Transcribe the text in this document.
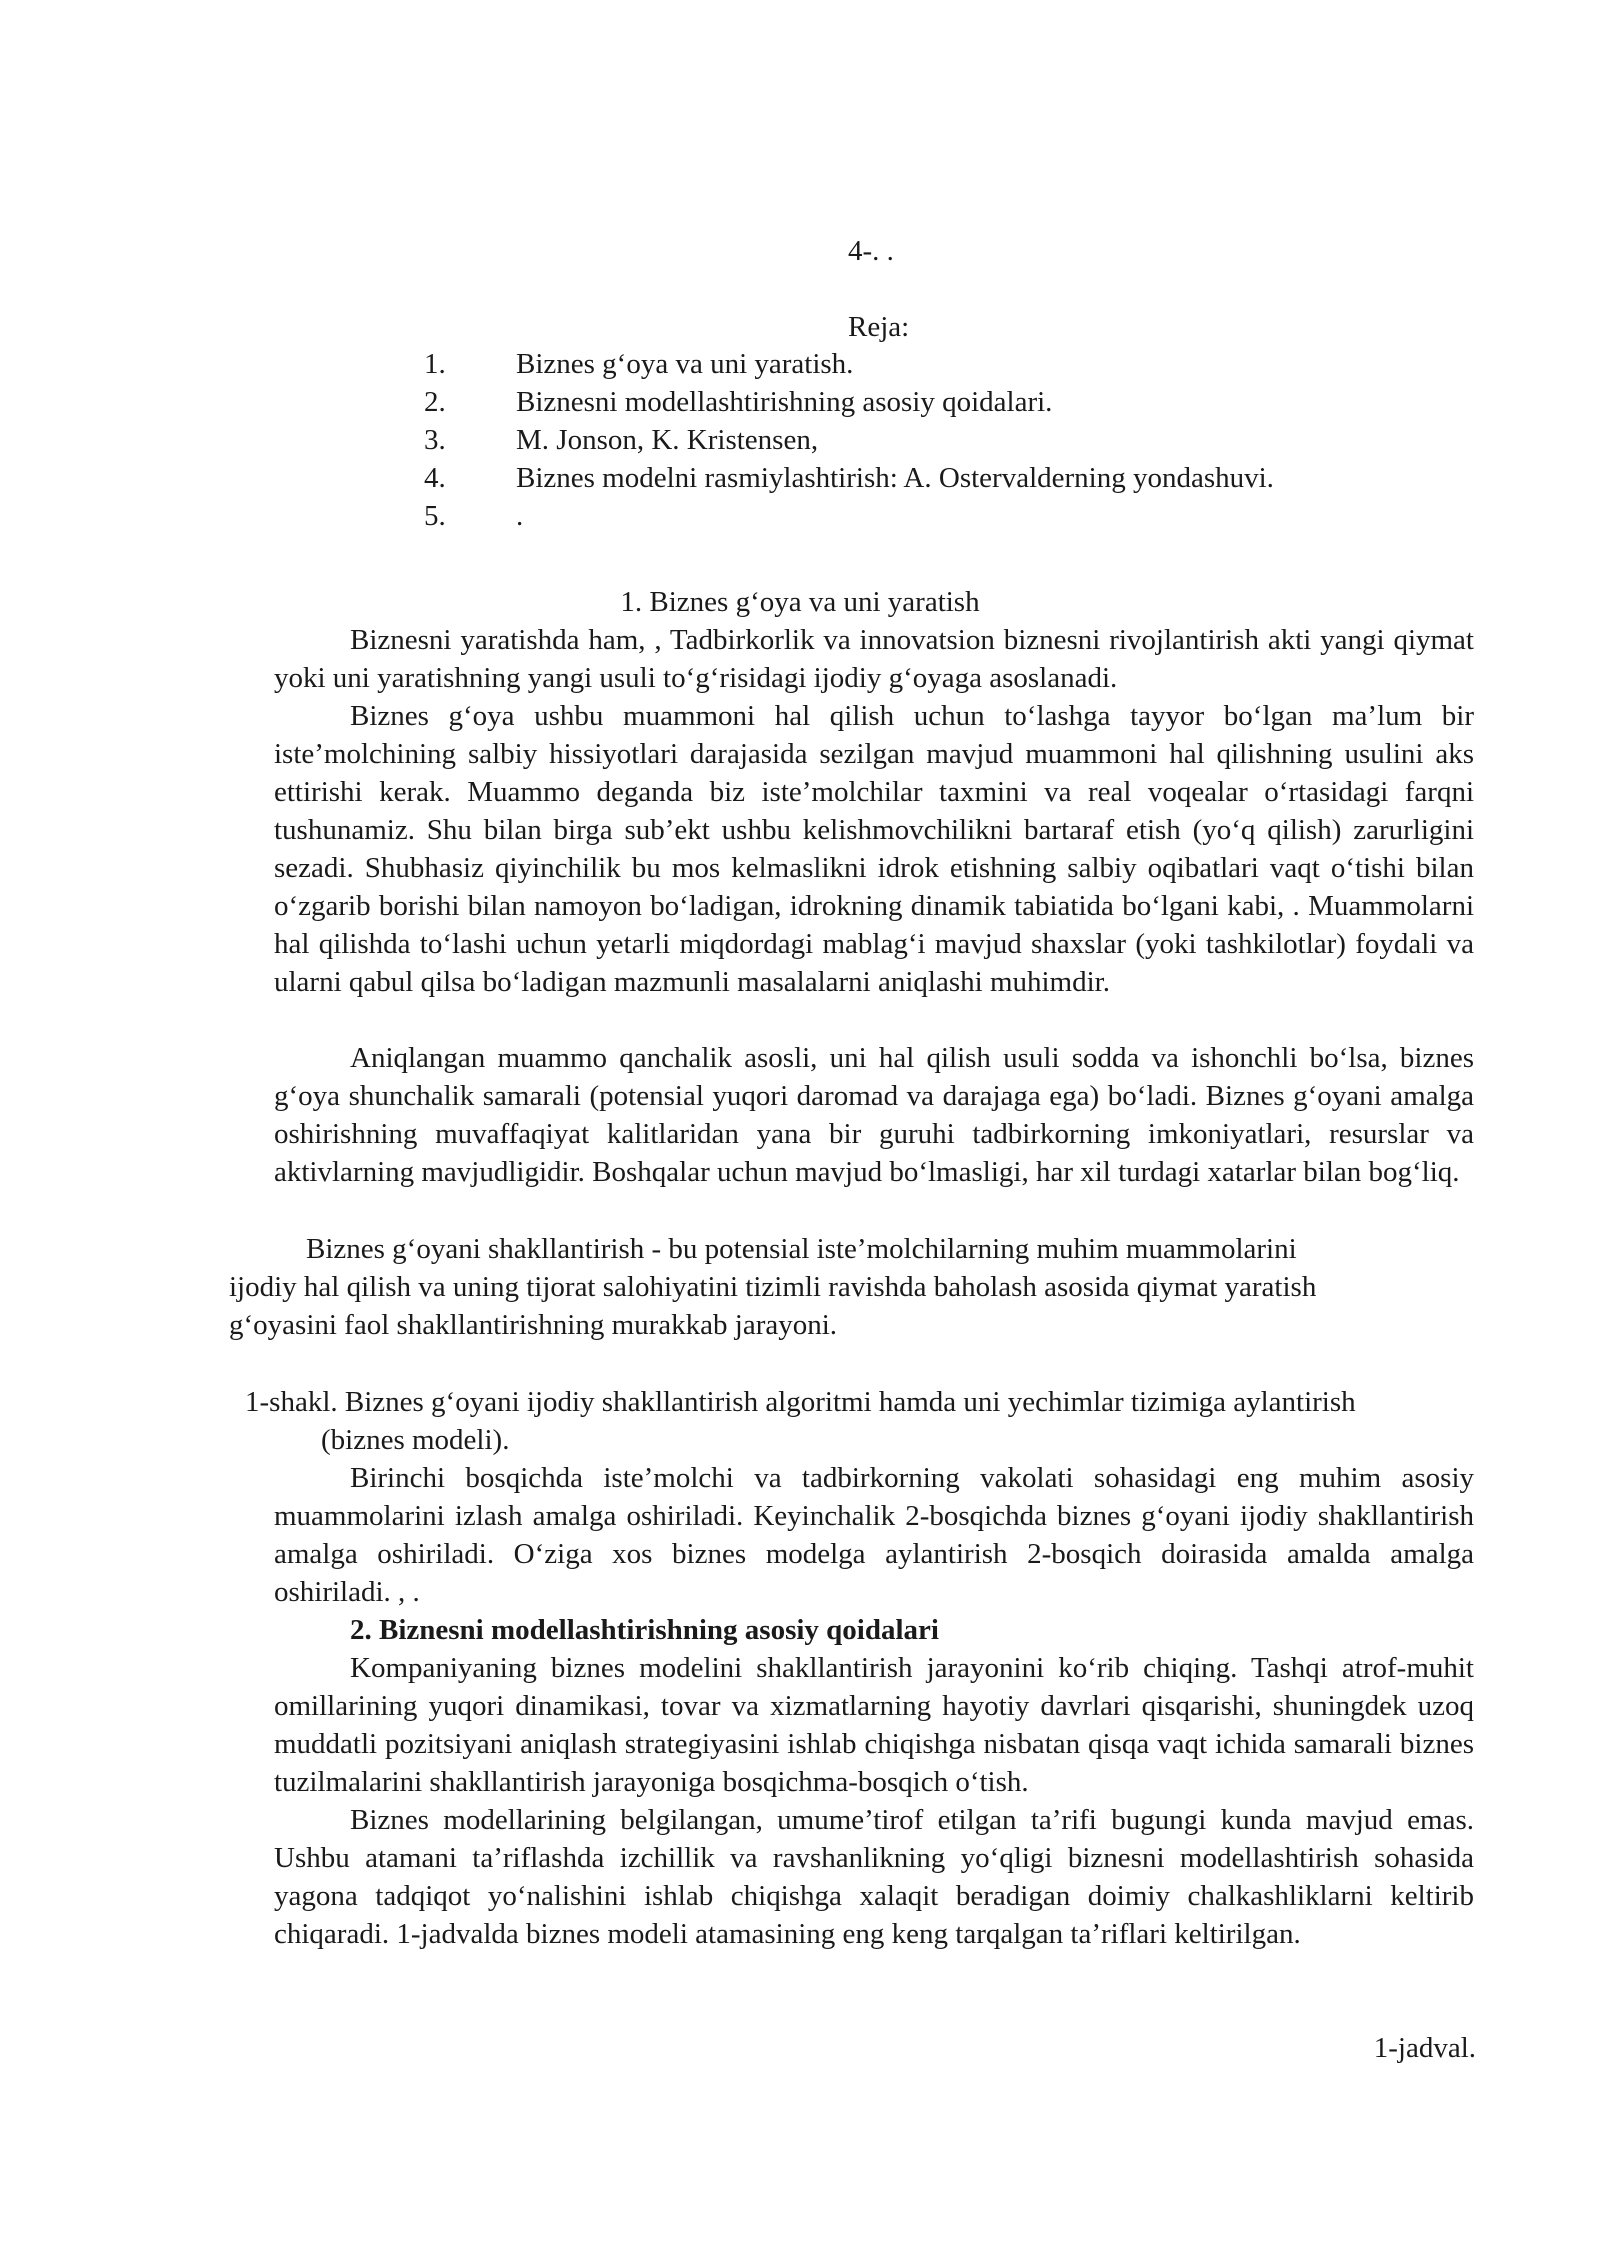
4-. .
Reja:
1. Biznes g‘oya va uni yaratish.
2. Biznesni modellashtirishning asosiy qoidalari.
3. M. Jonson, K. Kristensen,
4. Biznes modelni rasmiylashtirish: A. Ostervalderning yondashuvi.
5. .
1. Biznes g‘oya va uni yaratish

Biznesni yaratishda ham, , Tadbirkorlik va innovatsion biznesni rivojlantirish akti yangi qiymat yoki uni yaratishning yangi usuli to‘g‘risidagi ijodiy g‘oyaga asoslanadi.

Biznes g‘oya ushbu muammoni hal qilish uchun to‘lashga tayyor bo‘lgan ma’lum bir iste’molchining salbiy hissiyotlari darajasida sezilgan mavjud muammoni hal qilishning usulini aks ettirishi kerak. Muammo deganda biz iste’molchilar taxmini va real voqealar o‘rtasidagi farqni tushunamiz. Shu bilan birga sub’ekt ushbu kelishmovchilikni bartaraf etish (yo‘q qilish) zarurligini sezadi. Shubhasiz qiyinchilik bu mos kelmaslikni idrok etishning salbiy oqibatlari vaqt o‘tishi bilan o‘zgarib borishi bilan namoyon bo‘ladigan, idrokning dinamik tabiatida bo‘lgani kabi, . Muammolarni hal qilishda to‘lashi uchun yetarli miqdordagi mablag‘i mavjud shaxslar (yoki tashkilotlar) foydali va ularni qabul qilsa bo‘ladigan mazmunli masalalarni aniqlashi muhimdir.

Aniqlangan muammo qanchalik asosli, uni hal qilish usuli sodda va ishonchli bo‘lsa, biznes g‘oya shunchalik samarali (potensial yuqori daromad va darajaga ega) bo‘ladi. Biznes g‘oyani amalga oshirishning muvaffaqiyat kalitlaridan yana bir guruhi tadbirkorning imkoniyatlari, resurslar va aktivlarning mavjudligidir. Boshqalar uchun mavjud bo‘lmasligi, har xil turdagi xatarlar bilan bog‘liq.

Biznes g‘oyani shakllantirish - bu potensial iste’molchilarning muhim muammolarini
ijodiy hal qilish va uning tijorat salohiyatini tizimli ravishda baholash asosida qiymat yaratish
g‘oyasini faol shakllantirishning murakkab jarayoni.
1-shakl. Biznes g‘oyani ijodiy shakllantirish algoritmi hamda uni yechimlar tizimiga aylantirish
(biznes modeli).

Birinchi bosqichda iste’molchi va tadbirkorning vakolati sohasidagi eng muhim asosiy muammolarini izlash amalga oshiriladi. Keyinchalik 2-bosqichda biznes g‘oyani ijodiy shakllantirish amalga oshiriladi. O‘ziga xos biznes modelga aylantirish 2-bosqich doirasida amalda amalga oshiriladi. , .

2. Biznesni modellashtirishning asosiy qoidalari

Kompaniyaning biznes modelini shakllantirish jarayonini ko‘rib chiqing. Tashqi atrof-muhit omillarining yuqori dinamikasi, tovar va xizmatlarning hayotiy davrlari qisqarishi, shuningdek uzoq muddatli pozitsiyani aniqlash strategiyasini ishlab chiqishga nisbatan qisqa vaqt ichida samarali biznes tuzilmalarini shakllantirish jarayoniga bosqichma-bosqich o‘tish.

Biznes modellarining belgilangan, umume’tirof etilgan ta’rifi bugungi kunda mavjud emas. Ushbu atamani ta’riflashda izchillik va ravshanlikning yo‘qligi biznesni modellashtirish sohasida yagona tadqiqot yo‘nalishini ishlab chiqishga xalaqit beradigan doimiy chalkashliklarni keltirib chiqaradi. 1-jadvalda biznes modeli atamasining eng keng tarqalgan ta’riflari keltirilgan.

1-jadval.
